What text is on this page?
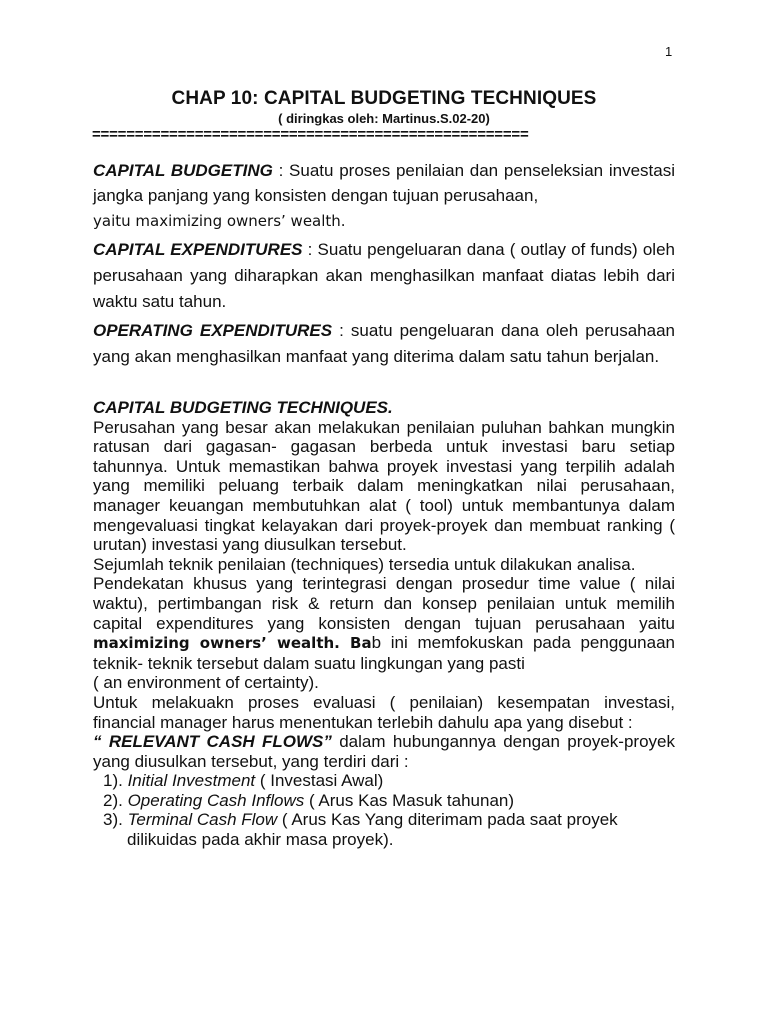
1
CHAP 10: CAPITAL BUDGETING TECHNIQUES
( diringkas oleh: Martinus.S.02-20)
===================================================

CAPITAL BUDGETING : Suatu proses penilaian dan penseleksian investasi jangka panjang yang konsisten dengan tujuan perusahaan,
yaitu maximizing owners’ wealth.

CAPITAL EXPENDITURES : Suatu pengeluaran dana ( outlay of funds) oleh perusahaan yang diharapkan akan menghasilkan manfaat diatas lebih dari waktu satu tahun.

OPERATING EXPENDITURES : suatu pengeluaran dana oleh perusahaan yang akan menghasilkan manfaat yang diterima dalam satu tahun berjalan.

CAPITAL BUDGETING TECHNIQUES.
Perusahan yang besar akan melakukan penilaian puluhan bahkan mungkin ratusan dari gagasan- gagasan berbeda untuk investasi baru setiap tahunnya. Untuk memastikan bahwa proyek investasi yang terpilih adalah yang memiliki peluang terbaik dalam meningkatkan nilai perusahaan, manager keuangan membutuhkan alat ( tool) untuk membantunya dalam mengevaluasi tingkat kelayakan dari proyek-proyek dan membuat ranking ( urutan) investasi yang diusulkan tersebut.
Sejumlah teknik penilaian (techniques) tersedia untuk dilakukan analisa.
Pendekatan khusus yang terintegrasi dengan prosedur time value ( nilai waktu), pertimbangan risk & return dan konsep penilaian untuk memilih capital expenditures yang konsisten dengan tujuan perusahaan yaitu maximizing owners’ wealth. Bab ini memfokuskan pada penggunaan teknik- teknik tersebut dalam suatu lingkungan yang pasti
( an environment of certainty).
Untuk melakuakn proses evaluasi ( penilaian) kesempatan investasi, financial manager harus menentukan terlebih dahulu apa yang disebut :
“ RELEVANT CASH FLOWS” dalam hubungannya dengan proyek-proyek yang diusulkan tersebut, yang terdiri dari :
1). Initial Investment ( Investasi Awal)
2). Operating Cash Inflows ( Arus Kas Masuk tahunan)
3). Terminal Cash Flow ( Arus Kas Yang diterimam pada saat proyek
dilikuidas pada akhir masa proyek).
